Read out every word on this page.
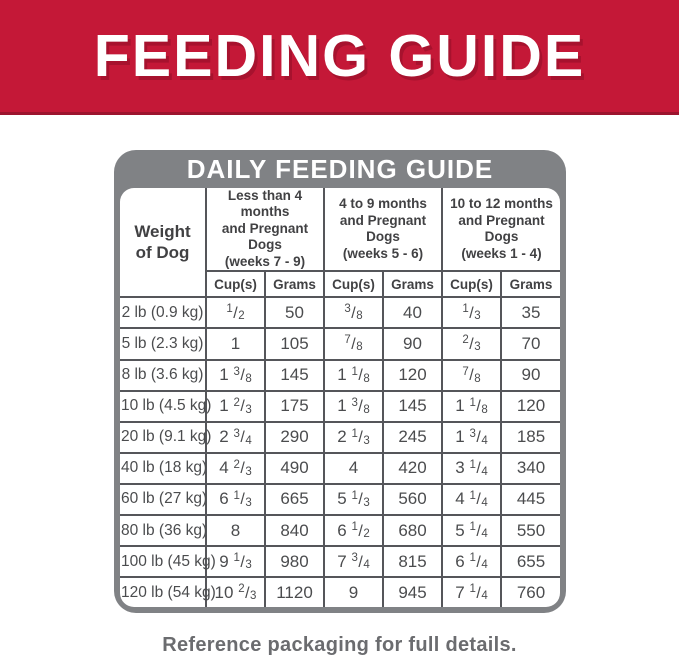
FEEDING GUIDE
DAILY FEEDING GUIDE
Weight
of Dog	Less than 4 months
and Pregnant Dogs
(weeks 7 - 9)		4 to 9 months
and Pregnant Dogs
(weeks 5 - 6)		10 to 12 months
and Pregnant Dogs
(weeks 1 - 4)	

	Cup(s)	Grams	Cup(s)	Grams	Cup(s)	Grams
2 lb (0.9 kg)	$^1$/2	50	$^3$/8	40	$^1$/3	35
5 lb (2.3 kg)	1	105	$^7$/8	90	$^2$/3	70
8 lb (3.6 kg)	1 $^3$/8	145	1 $^1$/8	120	$^7$/8	90
10 lb (4.5 kg)	1 $^2$/3	175	1 $^3$/8	145	1 $^1$/8	120
20 lb (9.1 kg)	2 $^3$/4	290	2 $^1$/3	245	1 $^3$/4	185
40 lb (18 kg)	4 $^2$/3	490	4	420	3 $^1$/4	340
60 lb (27 kg)	6 $^1$/3	665	5 $^1$/3	560	4 $^1$/4	445
80 lb (36 kg)	8	840	6 $^1$/2	680	5 $^1$/4	550
100 lb (45 kg)	9 $^1$/3	980	7 $^3$/4	815	6 $^1$/4	655
120 lb (54 kg)	10 $^2$/3	1120	9	945	7 $^1$/4	760
Reference packaging for full details.
